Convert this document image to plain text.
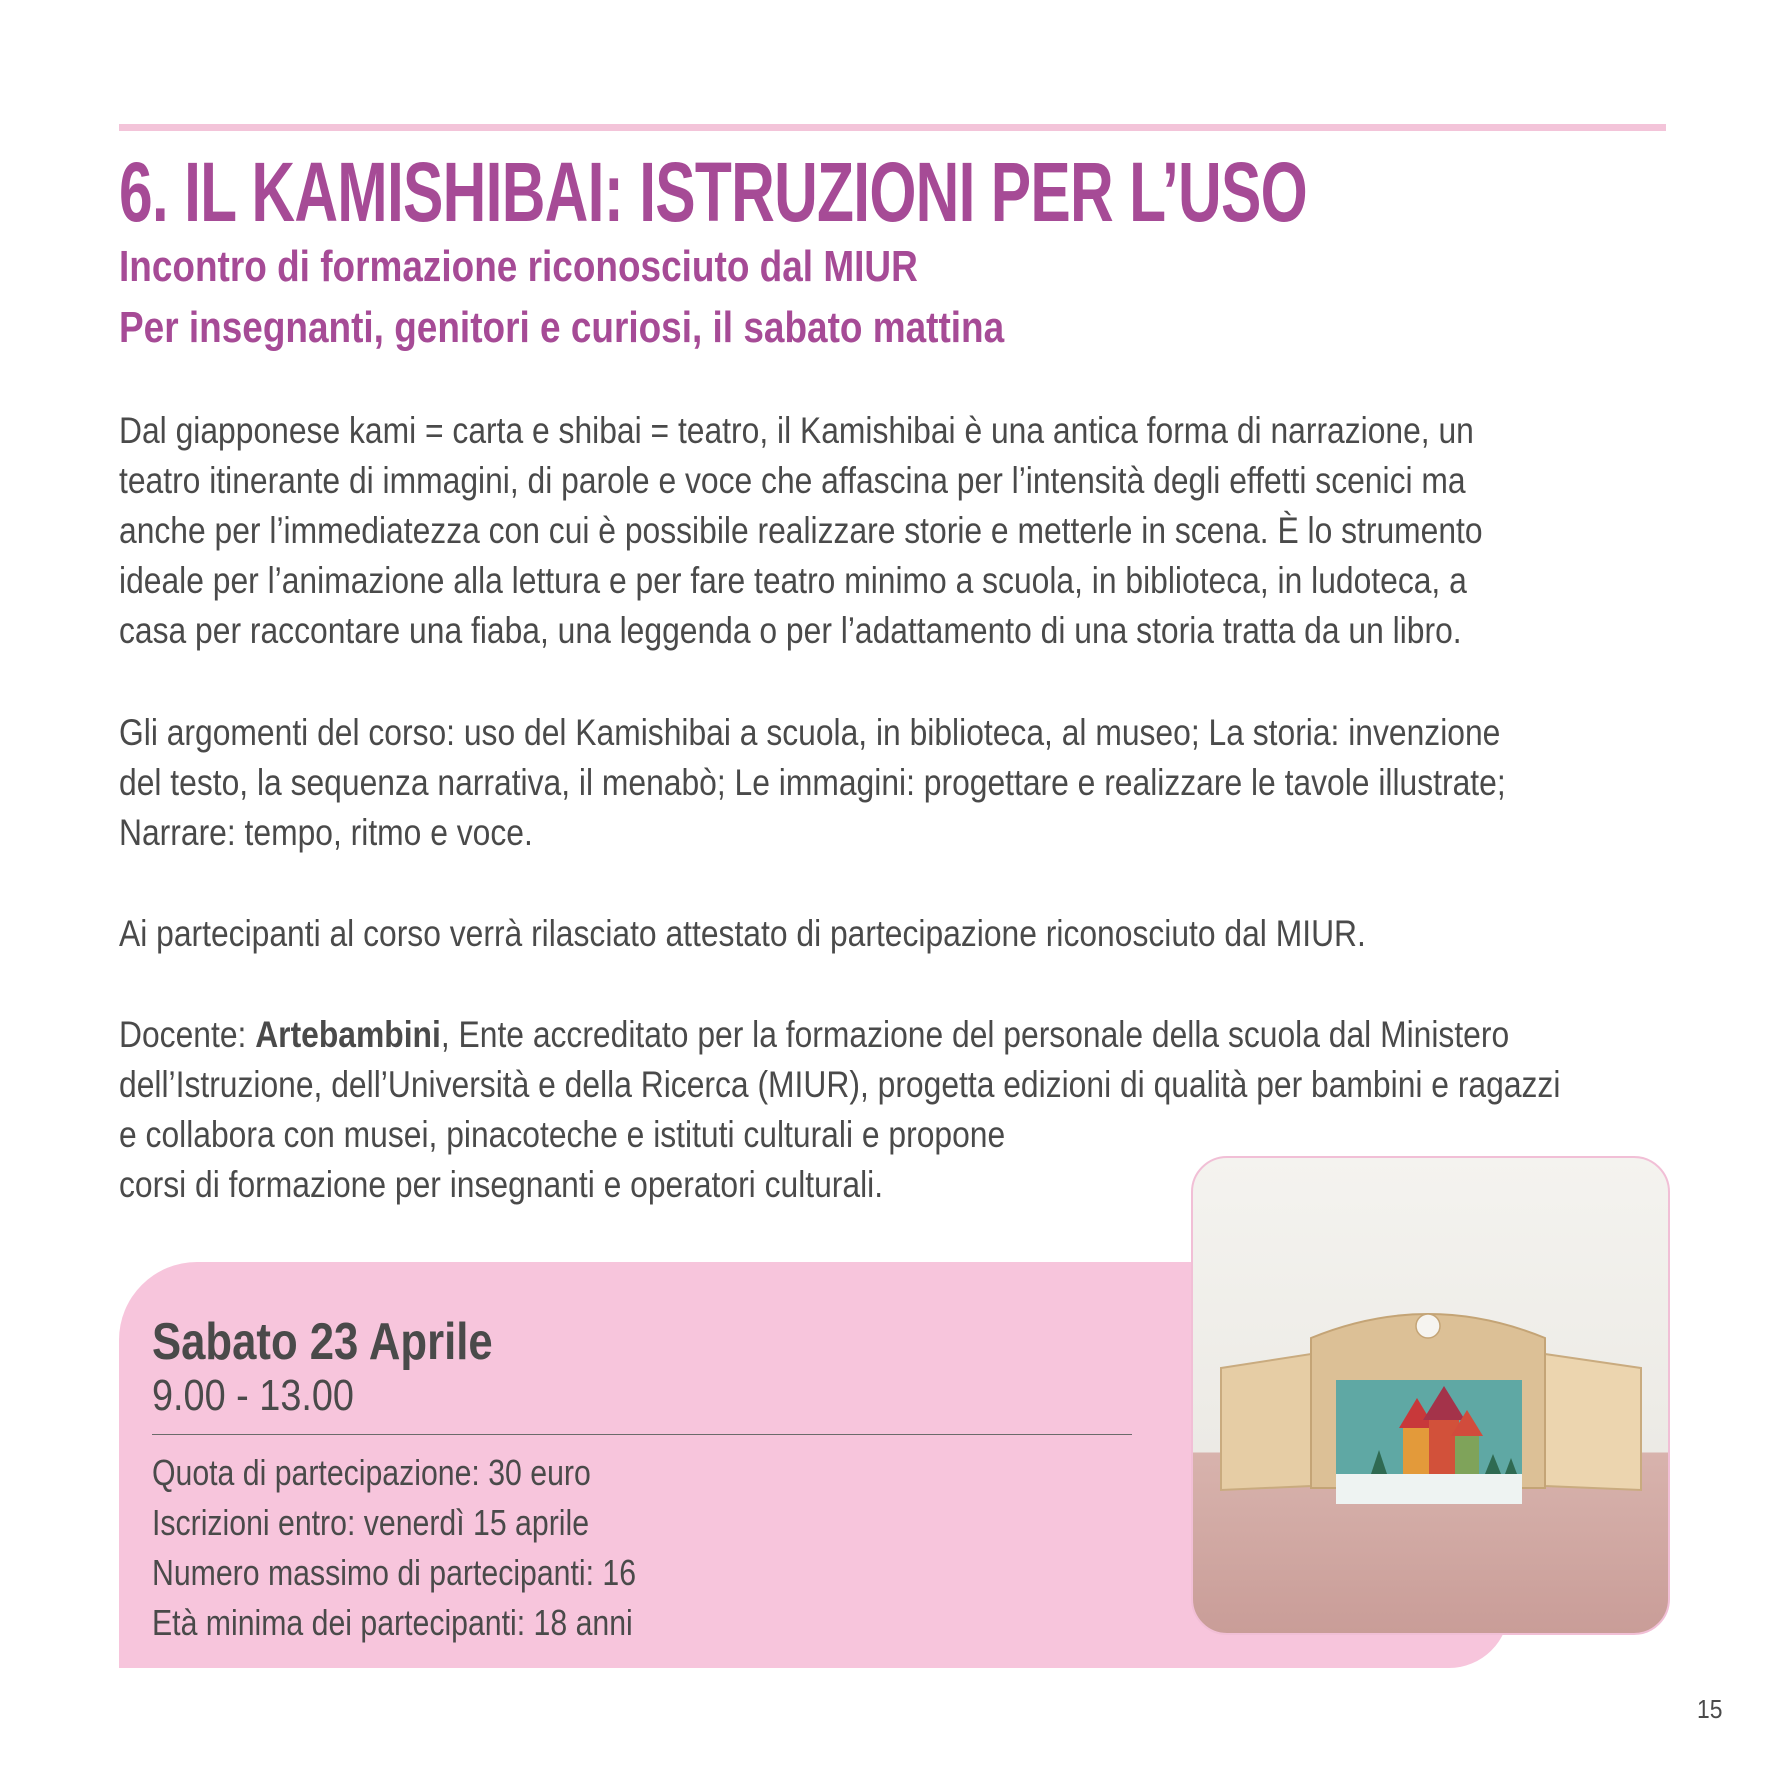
6. IL KAMISHIBAI: ISTRUZIONI PER L’USO
Incontro di formazione riconosciuto dal MIUR
Per insegnanti, genitori e curiosi, il sabato mattina

Dal giapponese kami = carta e shibai = teatro, il Kamishibai è una antica forma di narrazione, un
teatro itinerante di immagini, di parole e voce che affascina per l’intensità degli effetti scenici ma
anche per l’immediatezza con cui è possibile realizzare storie e metterle in scena. È lo strumento
ideale per l’animazione alla lettura e per fare teatro minimo a scuola, in biblioteca, in ludoteca, a
casa per raccontare una fiaba, una leggenda o per l’adattamento di una storia tratta da un libro.

Gli argomenti del corso: uso del Kamishibai a scuola, in biblioteca, al museo; La storia: invenzione
del testo, la sequenza narrativa, il menabò; Le immagini: progettare e realizzare le tavole illustrate;
Narrare: tempo, ritmo e voce.

Ai partecipanti al corso verrà rilasciato attestato di partecipazione riconosciuto dal MIUR.

Docente: Artebambini, Ente accreditato per la formazione del personale della scuola dal Ministero
dell’Istruzione, dell’Università e della Ricerca (MIUR), progetta edizioni di qualità per bambini e ragazzi
e collabora con musei, pinacoteche e istituti culturali e propone
corsi di formazione per insegnanti e operatori culturali.

Sabato 23 Aprile
9.00 - 13.00
Quota di partecipazione: 30 euro
Iscrizioni entro: venerdì 15 aprile
Numero massimo di partecipanti: 16
Età minima dei partecipanti: 18 anni
15
